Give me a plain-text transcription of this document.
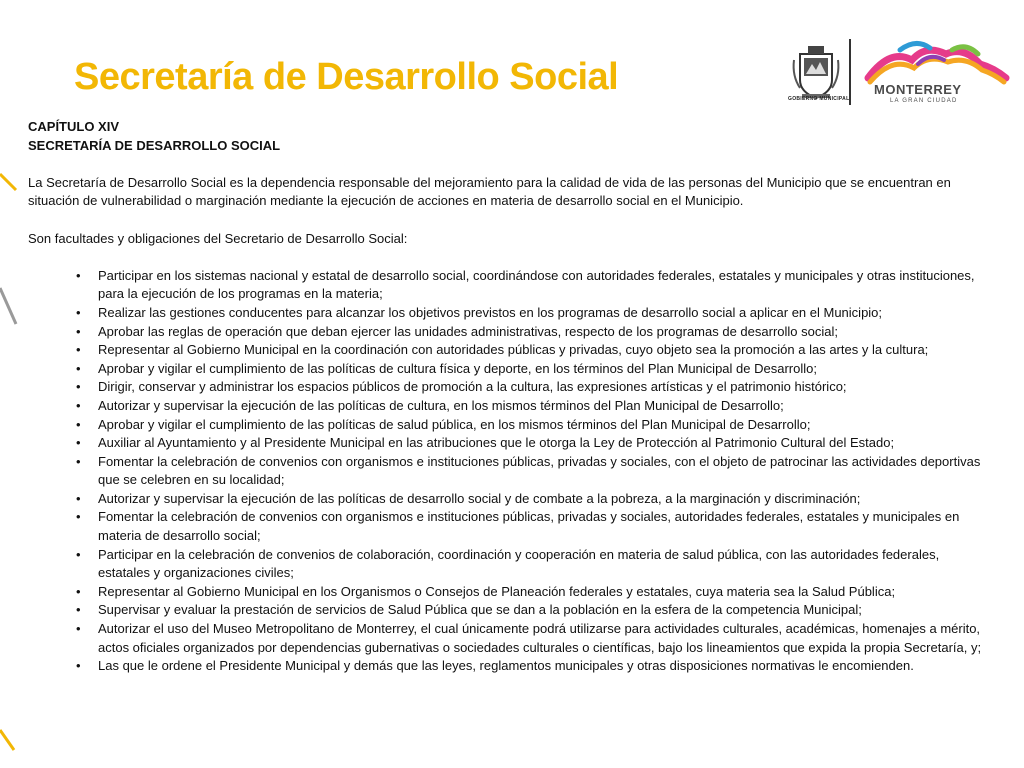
Secretaría de Desarrollo Social
GOBIERNO MUNICIPAL
MONTERREY
LA GRAN CIUDAD

CAPÍTULO XIV

SECRETARÍA DE DESARROLLO SOCIAL

La Secretaría de Desarrollo Social es la dependencia responsable del mejoramiento para la calidad de vida de las personas del Municipio que se encuentran en situación de vulnerabilidad o marginación mediante la ejecución de acciones en materia de desarrollo social en el Municipio.

Son facultades y obligaciones del Secretario de Desarrollo Social:

• Participar en los sistemas nacional y estatal de desarrollo social, coordinándose con autoridades federales, estatales y municipales y otras instituciones, para la ejecución de los programas en la materia;
• Realizar las gestiones conducentes para alcanzar los objetivos previstos en los programas de desarrollo social a aplicar en el Municipio;
• Aprobar las reglas de operación que deban ejercer las unidades administrativas, respecto de los programas de desarrollo social;
• Representar al Gobierno Municipal en la coordinación con autoridades públicas y privadas, cuyo objeto sea la promoción a las artes y la cultura;
• Aprobar y vigilar el cumplimiento de las políticas de cultura física y deporte, en los términos del Plan Municipal de Desarrollo;
• Dirigir, conservar y administrar los espacios públicos de promoción a la cultura, las expresiones artísticas y el patrimonio histórico;
• Autorizar y supervisar la ejecución de las políticas de cultura, en los mismos términos del Plan Municipal de Desarrollo;
• Aprobar y vigilar el cumplimiento de las políticas de salud pública, en los mismos términos del Plan Municipal de Desarrollo;
• Auxiliar al Ayuntamiento y al Presidente Municipal en las atribuciones que le otorga la Ley de Protección al Patrimonio Cultural del Estado;
• Fomentar la celebración de convenios con organismos e instituciones públicas, privadas y sociales, con el objeto de patrocinar las actividades deportivas que se celebren en su localidad;
• Autorizar y supervisar la ejecución de las políticas de desarrollo social y de combate a la pobreza, a la marginación y discriminación;
• Fomentar la celebración de convenios con organismos e instituciones públicas, privadas y sociales, autoridades federales, estatales y municipales en materia de desarrollo social;
• Participar en la celebración de convenios de colaboración, coordinación y cooperación en materia de salud pública, con las autoridades federales, estatales y organizaciones civiles;
• Representar al Gobierno Municipal en los Organismos o Consejos de Planeación federales y estatales, cuya materia sea la Salud Pública;
• Supervisar y evaluar la prestación de servicios de Salud Pública que se dan a la población en la esfera de la competencia Municipal;
• Autorizar el uso del Museo Metropolitano de Monterrey, el cual únicamente podrá utilizarse para actividades culturales, académicas, homenajes a mérito, actos oficiales organizados por dependencias gubernativas o sociedades culturales o científicas, bajo los lineamientos que expida la propia Secretaría, y;
• Las que le ordene el Presidente Municipal y demás que las leyes, reglamentos municipales y otras disposiciones normativas le encomienden.
